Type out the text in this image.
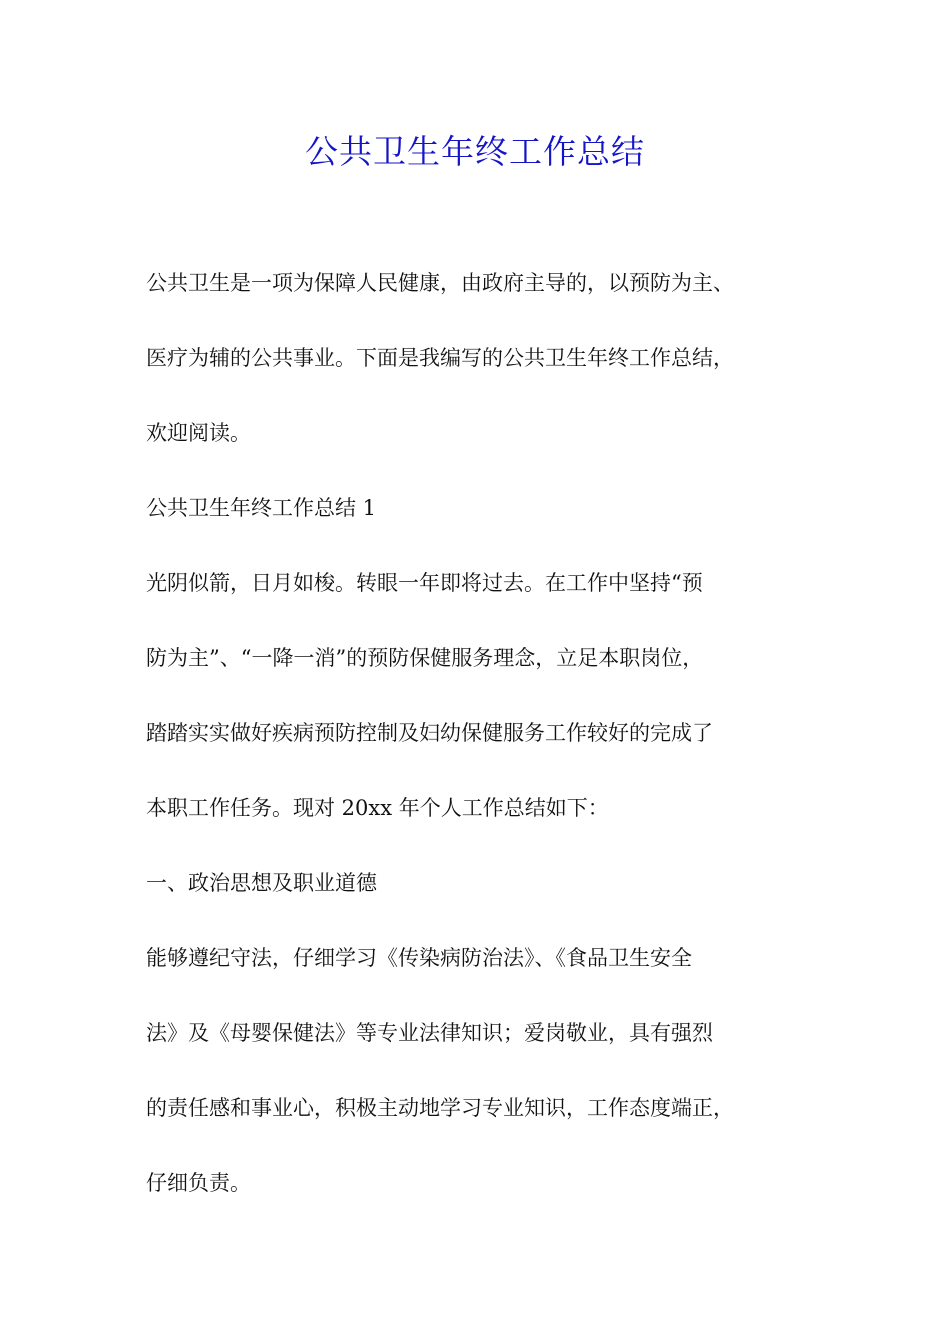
公共卫生年终工作总结

公共卫生是一项为保障人民健康，由政府主导的，以预防为主、

医疗为辅的公共事业。下面是我编写的公共卫生年终工作总结，

欢迎阅读。

公共卫生年终工作总结 1

光阴似箭，日月如梭。转眼一年即将过去。在工作中坚持“预

防为主”、“一降一消”的预防保健服务理念，立足本职岗位，

踏踏实实做好疾病预防控制及妇幼保健服务工作较好的完成了

本职工作任务。现对 20xx 年个人工作总结如下：

一、政治思想及职业道德

能够遵纪守法，仔细学习《传染病防治法》、《食品卫生安全

法》及《母婴保健法》等专业法律知识；爱岗敬业，具有强烈

的责任感和事业心，积极主动地学习专业知识，工作态度端正，

仔细负责。
